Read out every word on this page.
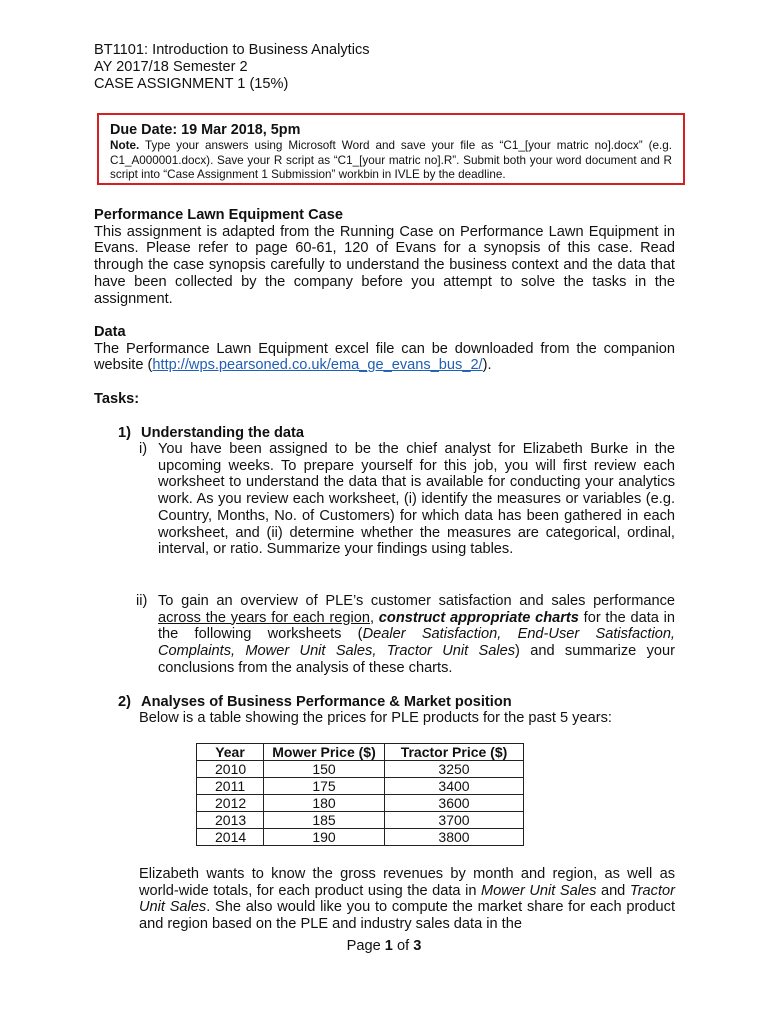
BT1101: Introduction to Business Analytics
AY 2017/18 Semester 2
CASE ASSIGNMENT 1 (15%)
Due Date: 19 Mar 2018, 5pm
Note. Type your answers using Microsoft Word and save your file as “C1_[your matric no].docx” (e.g. C1_A000001.docx). Save your R script as “C1_[your matric no].R”. Submit both your word document and R script into “Case Assignment 1 Submission” workbin in IVLE by the deadline.
Performance Lawn Equipment Case
This assignment is adapted from the Running Case on Performance Lawn Equipment in Evans. Please refer to page 60-61, 120 of Evans for a synopsis of this case. Read through the case synopsis carefully to understand the business context and the data that have been collected by the company before you attempt to solve the tasks in the assignment.
Data
The Performance Lawn Equipment excel file can be downloaded from the companion website (http://wps.pearsoned.co.uk/ema_ge_evans_bus_2/).
Tasks:
1) Understanding the data
i) You have been assigned to be the chief analyst for Elizabeth Burke in the upcoming weeks. To prepare yourself for this job, you will first review each worksheet to understand the data that is available for conducting your analytics work. As you review each worksheet, (i) identify the measures or variables (e.g. Country, Months, No. of Customers) for which data has been gathered in each worksheet, and (ii) determine whether the measures are categorical, ordinal, interval, or ratio. Summarize your findings using tables.
ii) To gain an overview of PLE’s customer satisfaction and sales performance across the years for each region, construct appropriate charts for the data in the following worksheets (Dealer Satisfaction, End-User Satisfaction, Complaints, Mower Unit Sales, Tractor Unit Sales) and summarize your conclusions from the analysis of these charts.
2) Analyses of Business Performance & Market position
Below is a table showing the prices for PLE products for the past 5 years:
Year	Mower Price ($)	Tractor Price ($)
2010	150	3250
2011	175	3400
2012	180	3600
2013	185	3700
2014	190	3800
Elizabeth wants to know the gross revenues by month and region, as well as world-wide totals, for each product using the data in Mower Unit Sales and Tractor Unit Sales. She also would like you to compute the market share for each product and region based on the PLE and industry sales data in the
Page 1 of 3
